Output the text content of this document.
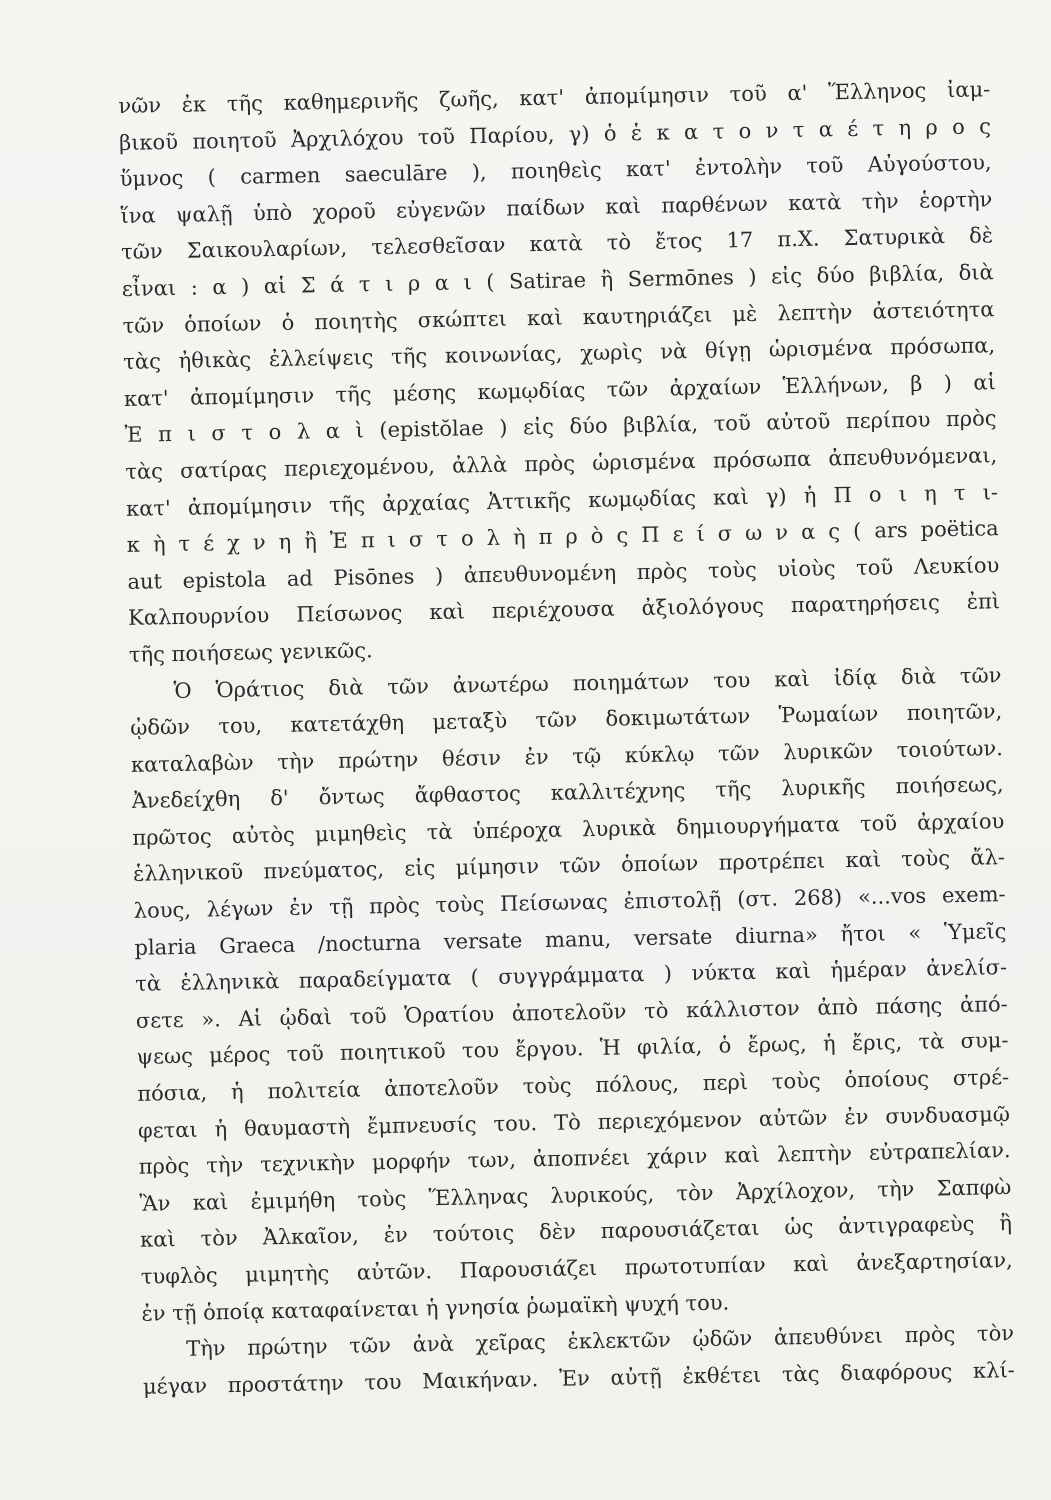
νῶν ἐκ τῆς καθημερινῆς ζωῆς, κατ' ἀπομίμησιν τοῦ α' Ἕλληνος ἰαμ-
βικοῦ ποιητοῦ Ἀρχιλόχου τοῦ Παρίου, γ) ὁ ἑ κ α τ ο ν τ α έ τ η ρ ο ς
ὕμνος ( carmen saeculāre ), ποιηθεὶς κατ' ἐντολὴν τοῦ Αὐγούστου,
ἵνα ψαλῇ ὑπὸ χοροῦ εὐγενῶν παίδων καὶ παρθένων κατὰ τὴν ἑορτὴν
τῶν Σαικουλαρίων, τελεσθεῖσαν κατὰ τὸ ἔτος 17 π.Χ. Σατυρικὰ δὲ
εἶναι : α ) αἱ Σ ά τ ι ρ α ι ( Satirae ἢ Sermōnes ) εἰς δύο βιβλία, διὰ
τῶν ὁποίων ὁ ποιητὴς σκώπτει καὶ καυτηριάζει μὲ λεπτὴν ἀστειότητα
τὰς ἠθικὰς ἐλλείψεις τῆς κοινωνίας, χωρὶς νὰ θίγῃ ὡρισμένα πρόσωπα,
κατ' ἀπομίμησιν τῆς μέσης κωμῳδίας τῶν ἀρχαίων Ἑλλήνων, β ) αἱ
Ἐ π ι σ τ ο λ α ὶ (epistŏlae ) εἰς δύο βιβλία, τοῦ αὐτοῦ περίπου πρὸς
τὰς σατίρας περιεχομένου, ἀλλὰ πρὸς ὡρισμένα πρόσωπα ἀπευθυνόμεναι,
κατ' ἀπομίμησιν τῆς ἀρχαίας Ἀττικῆς κωμῳδίας καὶ γ) ἡ Π ο ι η τ ι-
κ ὴ τ έ χ ν η ἢ Ἐ π ι σ τ ο λ ὴ π ρ ὸ ς Π ε ί σ ω ν α ς ( ars poëtica
aut epistola ad Pisōnes ) ἀπευθυνομένη πρὸς τοὺς υἱοὺς τοῦ Λευκίου
Καλπουρνίου Πείσωνος καὶ περιέχουσα ἀξιολόγους παρατηρήσεις ἐπὶ
τῆς ποιήσεως γενικῶς.
Ὁ Ὁράτιος διὰ τῶν ἀνωτέρω ποιημάτων του καὶ ἰδίᾳ διὰ τῶν
ᾠδῶν του, κατετάχθη μεταξὺ τῶν δοκιμωτάτων Ῥωμαίων ποιητῶν,
καταλαβὼν τὴν πρώτην θέσιν ἐν τῷ κύκλῳ τῶν λυρικῶν τοιούτων.
Ἀνεδείχθη δ' ὄντως ἄφθαστος καλλιτέχνης τῆς λυρικῆς ποιήσεως,
πρῶτος αὐτὸς μιμηθεὶς τὰ ὑπέροχα λυρικὰ δημιουργήματα τοῦ ἀρχαίου
ἑλληνικοῦ πνεύματος, εἰς μίμησιν τῶν ὁποίων προτρέπει καὶ τοὺς ἄλ-
λους, λέγων ἐν τῇ πρὸς τοὺς Πείσωνας ἐπιστολῇ (στ. 268) «...vos exem-
plaria Graeca /nocturna versate manu, versate diurna» ἤτοι « Ὑμεῖς
τὰ ἑλληνικὰ παραδείγματα ( συγγράμματα ) νύκτα καὶ ἡμέραν ἀνελίσ-
σετε ». Αἱ ᾠδαὶ τοῦ Ὁρατίου ἀποτελοῦν τὸ κάλλιστον ἀπὸ πάσης ἀπό-
ψεως μέρος τοῦ ποιητικοῦ του ἔργου. Ἡ φιλία, ὁ ἔρως, ἡ ἔρις, τὰ συμ-
πόσια, ἡ πολιτεία ἀποτελοῦν τοὺς πόλους, περὶ τοὺς ὁποίους στρέ-
φεται ἡ θαυμαστὴ ἔμπνευσίς του. Τὸ περιεχόμενον αὐτῶν ἐν συνδυασμῷ
πρὸς τὴν τεχνικὴν μορφήν των, ἀποπνέει χάριν καὶ λεπτὴν εὐτραπελίαν.
Ἂν καὶ ἐμιμήθη τοὺς Ἕλληνας λυρικούς, τὸν Ἀρχίλοχον, τὴν Σαπφὼ
καὶ τὸν Ἀλκαῖον, ἐν τούτοις δὲν παρουσιάζεται ὡς ἀντιγραφεὺς ἢ
τυφλὸς μιμητὴς αὐτῶν. Παρουσιάζει πρωτοτυπίαν καὶ ἀνεξαρτησίαν,
ἐν τῇ ὁποίᾳ καταφαίνεται ἡ γνησία ῥωμαϊκὴ ψυχή του.
Τὴν πρώτην τῶν ἀνὰ χεῖρας ἐκλεκτῶν ᾠδῶν ἀπευθύνει πρὸς τὸν
μέγαν προστάτην του Μαικήναν. Ἐν αὐτῇ ἐκθέτει τὰς διαφόρους κλί-
